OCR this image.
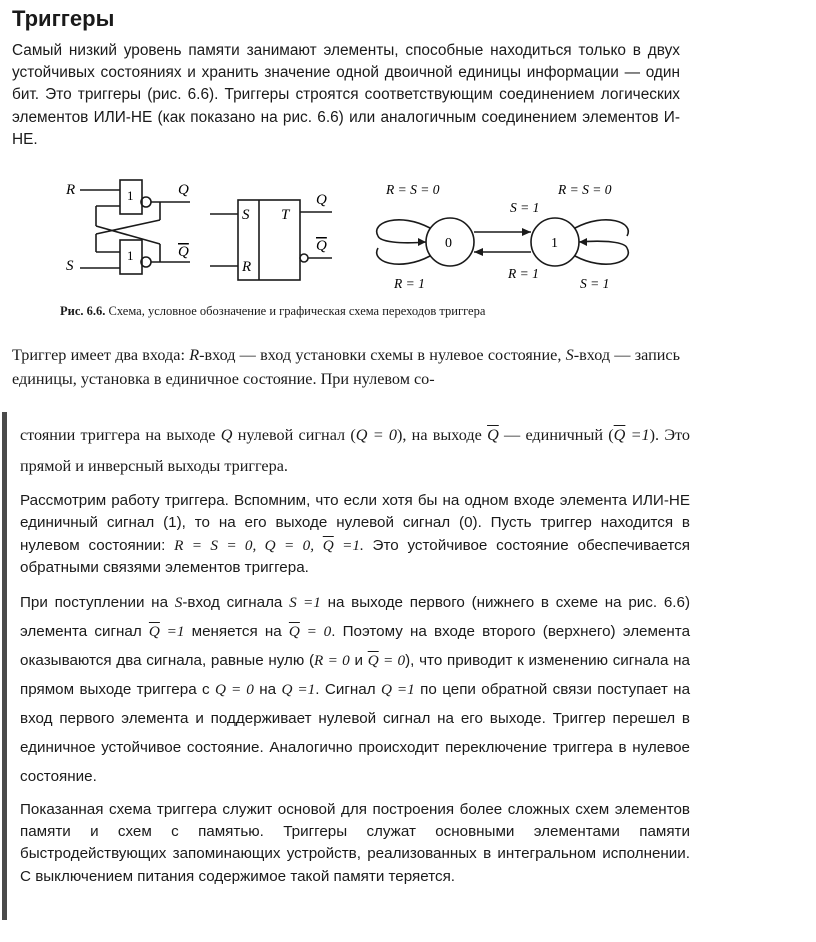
Триггеры
Самый низкий уровень памяти занимают элементы, способные находиться только в двух устойчивых состояниях и хранить значение одной двоичной единицы информации — один бит. Это триггеры (рис. 6.6). Триггеры строятся соответствующим соединением логических элементов ИЛИ-НЕ (как показано на рис. 6.6) или аналогичным соединением элементов И-НЕ.
R
S
1
1
Q
Q
S
R
T
Q
Q	0	1
R = S = 0	R = S = 0
S = 1
R = 1
R = 1	S = 1
Рис. 6.6. Схема, условное обозначение и графическая схема переходов триггера
Триггер имеет два входа: R-вход — вход установки схемы в нулевое состояние, S-вход — запись единицы, установка в единичное состояние. При нулевом со-

стоянии триггера на выходе Q нулевой сигнал (Q = 0), на выходе $\overline{Q}$ — единичный $(\overline{Q} =1)$. Это прямой и инверсный выходы триггера.

Рассмотрим работу триггера. Вспомним, что если хотя бы на одном входе элемента ИЛИ-НЕ единичный сигнал (1), то на его выходе нулевой сигнал (0). Пусть триггер находится в нулевом состоянии: R = S = 0, Q = 0, $\overline{Q} =1$. Это устойчивое состояние обеспечивается обратными связями элементов триггера.

При поступлении на S-вход сигнала S =1 на выходе первого (нижнего в схеме на рис. 6.6) элемента сигнал $\overline{Q} =1$ меняется на $\overline{Q} = 0$. Поэтому на входе второго (верхнего) элемента оказываются два сигнала, равные нулю (R = 0 и $\overline{Q} = 0$), что приводит к изменению сигнала на прямом выходе триггера с Q = 0 на Q =1. Сигнал Q =1 по цепи обратной связи поступает на вход первого элемента и поддерживает нулевой сигнал на его выходе. Триггер перешел в единичное устойчивое состояние. Аналогично происходит переключение триггера в нулевое состояние.

Показанная схема триггера служит основой для построения более сложных схем элементов памяти и схем с памятью. Триггеры служат основными элементами памяти быстродействующих запоминающих устройств, реализованных в интегральном исполнении. С выключением питания содержимое такой памяти теряется.
